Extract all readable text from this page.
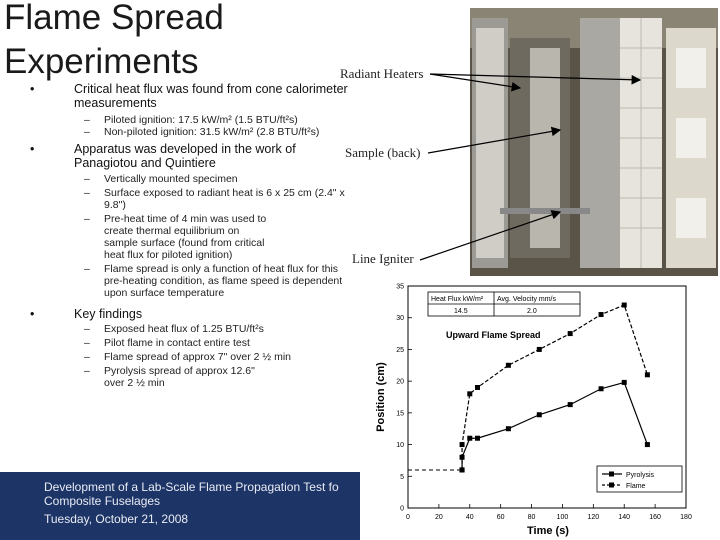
Flame Spread
Experiments
•	Critical heat flux was found from cone calorimeter measurements
– Piloted ignition: 17.5 kW/m² (1.5 BTU/ft²s)
– Non-piloted ignition: 31.5 kW/m² (2.8 BTU/ft²s)
•	Apparatus was developed in the work of Panagiotou and Quintiere
– Vertically mounted specimen
– Surface exposed to radiant heat is 6 x 25 cm (2.4" x 9.8")
– Pre-heat time of 4 min was used to create thermal equilibrium on sample surface (found from critical heat flux for piloted ignition)
– Flame spread is only a function of heat flux for this pre-heating condition, as flame speed is dependent upon surface temperature
•	Key findings
– Exposed heat flux of 1.25 BTU/ft²s
– Pilot flame in contact entire test
– Flame spread of approx 7" over 2 ½ min
– Pyrolysis spread of approx 12.6" over 2 ½ min
Development of a Lab-Scale Flame Propagation Test fo
Composite Fuselages
Tuesday, October 21, 2008
Radiant Heaters
Sample (back)
Line Igniter
0	20	40	60	80	100	120	140	160	180
0
5
10
15
20
25
30
35
Time (s)
Position (cm)
Upward Flame Spread
Heat Flux kW/m² Avg. Velocity mm/s
14.5	2.0
Pyrolysis
Flame
